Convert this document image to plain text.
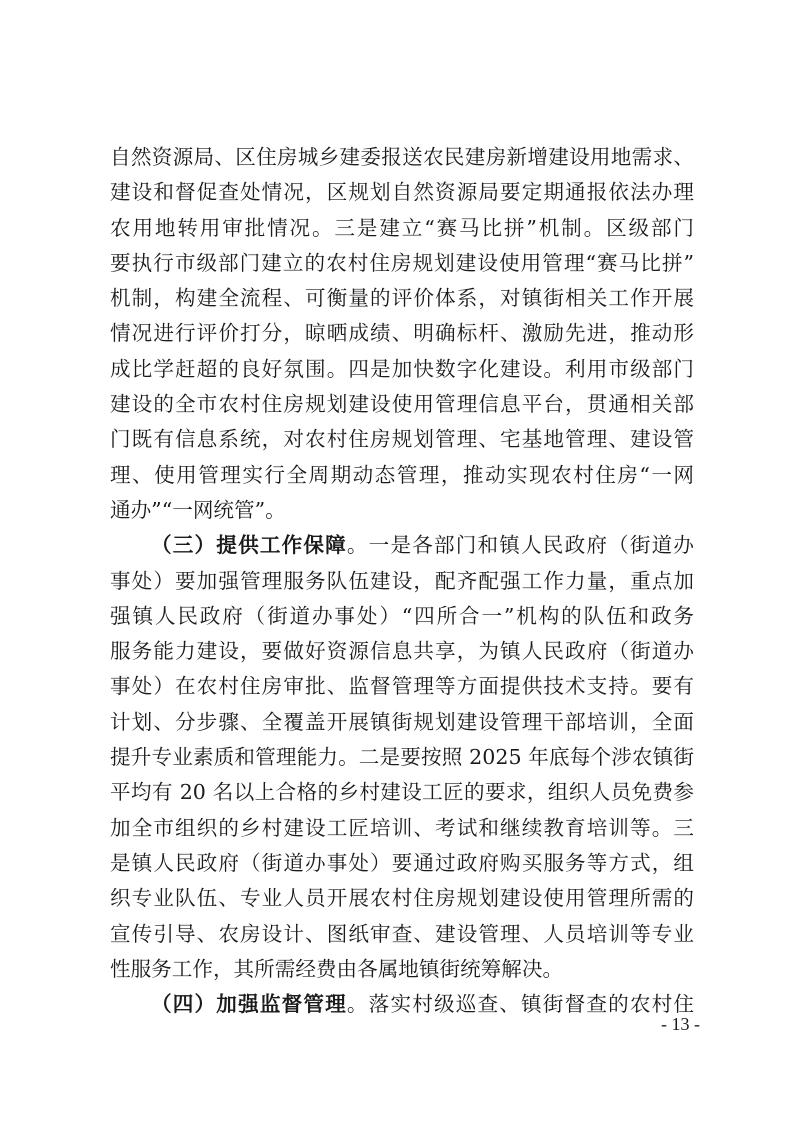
自然资源局、区住房城乡建委报送农民建房新增建设用地需求、
建设和督促查处情况，区规划自然资源局要定期通报依法办理
农用地转用审批情况。三是建立“赛马比拼”机制。区级部门
要执行市级部门建立的农村住房规划建设使用管理“赛马比拼”
机制，构建全流程、可衡量的评价体系，对镇街相关工作开展
情况进行评价打分，晾晒成绩、明确标杆、激励先进，推动形
成比学赶超的良好氛围。四是加快数字化建设。利用市级部门
建设的全市农村住房规划建设使用管理信息平台，贯通相关部
门既有信息系统，对农村住房规划管理、宅基地管理、建设管
理、使用管理实行全周期动态管理，推动实现农村住房“一网
通办”“一网统管”。
（三）提供工作保障。一是各部门和镇人民政府（街道办
事处）要加强管理服务队伍建设，配齐配强工作力量，重点加
强镇人民政府（街道办事处）“四所合一”机构的队伍和政务
服务能力建设，要做好资源信息共享，为镇人民政府（街道办
事处）在农村住房审批、监督管理等方面提供技术支持。要有
计划、分步骤、全覆盖开展镇街规划建设管理干部培训，全面
提升专业素质和管理能力。二是要按照 2025 年底每个涉农镇街
平均有 20 名以上合格的乡村建设工匠的要求，组织人员免费参
加全市组织的乡村建设工匠培训、考试和继续教育培训等。三
是镇人民政府（街道办事处）要通过政府购买服务等方式，组
织专业队伍、专业人员开展农村住房规划建设使用管理所需的
宣传引导、农房设计、图纸审查、建设管理、人员培训等专业
性服务工作，其所需经费由各属地镇街统筹解决。
（四）加强监督管理。落实村级巡查、镇街督查的农村住
- 13 -
